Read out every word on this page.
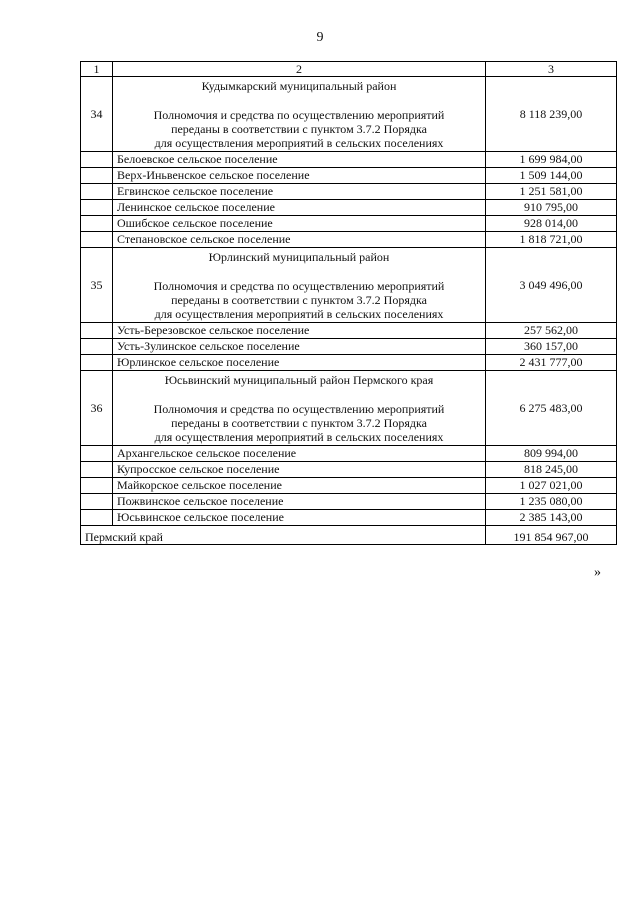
9
1	2	3
34	Кудымкарский муниципальный район
Полномочия и средства по осуществлению мероприятий
переданы в соответствии с пунктом 3.7.2 Порядка
для осуществления мероприятий в сельских поселениях	8 118 239,00
	Белоевское сельское поселение	1 699 984,00
	Верх-Иньвенское сельское поселение	1 509 144,00
	Егвинское сельское поселение	1 251 581,00
	Ленинское сельское поселение	910 795,00
	Ошибское сельское поселение	928 014,00
	Степановское сельское поселение	1 818 721,00
35	Юрлинский муниципальный район
Полномочия и средства по осуществлению мероприятий
переданы в соответствии с пунктом 3.7.2 Порядка
для осуществления мероприятий в сельских поселениях	3 049 496,00
	Усть-Березовское сельское поселение	257 562,00
	Усть-Зулинское сельское поселение	360 157,00
	Юрлинское сельское поселение	2 431 777,00
36	Юсьвинский муниципальный район Пермского края
Полномочия и средства по осуществлению мероприятий
переданы в соответствии с пунктом 3.7.2 Порядка
для осуществления мероприятий в сельских поселениях	6 275 483,00
	Архангельское сельское поселение	809 994,00
	Купросское сельское поселение	818 245,00
	Майкорское сельское поселение	1 027 021,00
	Пожвинское сельское поселение	1 235 080,00
	Юсьвинское сельское поселение	2 385 143,00
Пермский край		191 854 967,00
»
